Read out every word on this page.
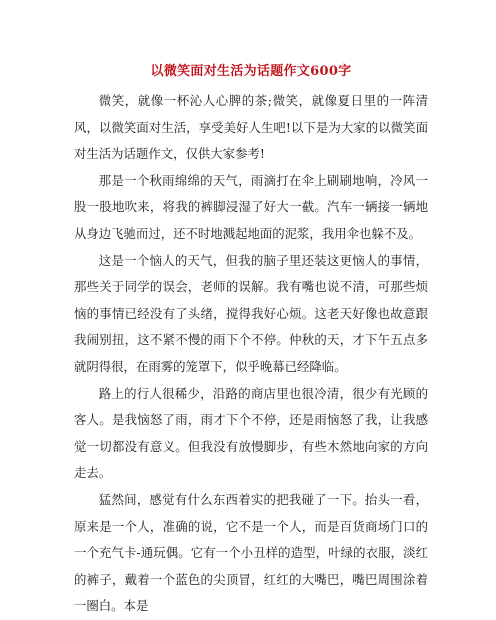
以微笑面对生活为话题作文600字

微笑，就像一杯沁人心脾的茶;微笑，就像夏日里的一阵清风，以微笑面对生活，享受美好人生吧!以下是为大家的以微笑面对生活为话题作文，仅供大家参考!

那是一个秋雨绵绵的天气，雨滴打在伞上刷刷地响，冷风一股一股地吹来，将我的裤脚浸湿了好大一截。汽车一辆接一辆地从身边飞驰而过，还不时地溅起地面的泥浆，我用伞也躲不及。

这是一个恼人的天气，但我的脑子里还装这更恼人的事情，那些关于同学的误会，老师的误解。我有嘴也说不清，可那些烦恼的事情已经没有了头绪，搅得我好心烦。这老天好像也故意跟我闹别扭，这不紧不慢的雨下个不停。仲秋的天，才下午五点多就阴得很，在雨雾的笼罩下，似乎晚幕已经降临。

路上的行人很稀少，沿路的商店里也很冷清，很少有光顾的客人。是我恼怒了雨，雨才下个不停，还是雨恼怒了我，让我感觉一切都没有意义。但我没有放慢脚步，有些木然地向家的方向走去。

猛然间，感觉有什么东西着实的把我碰了一下。抬头一看，原来是一个人，准确的说，它不是一个人，而是百货商场门口的一个充气卡-通玩偶。它有一个小丑样的造型，叶绿的衣服，淡红的裤子，戴着一个蓝色的尖顶冒，红红的大嘴巴，嘴巴周围涂着一圈白。本是
